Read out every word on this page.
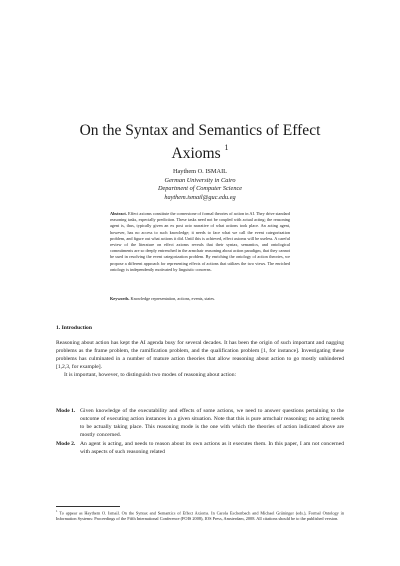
On the Syntax and Semantics of Effect
Axioms $^1$
Haythem O. ISMAIL
German University in Cairo
Department of Computer Science
haythem.ismail@guc.edu.eg
Abstract. Effect axioms constitute the cornerstone of formal theories of action in AI. They drive standard reasoning tasks, especially prediction. These tasks need not be coupled with actual acting; the reasoning agent is, thus, typically given an ex post acto narrative of what actions took place. An acting agent, however, has no access to such knowledge; it needs to face what we call the event categorization problem, and figure out what actions it did. Until this is achieved, effect axioms will be useless. A careful review of the literature on effect axioms reveals that their syntax, semantics, and ontological commitments are so deeply entrenched in the armchair reasoning about action paradigm, that they cannot be used in resolving the event categorization problem. By enriching the ontology of action theories, we propose a different approach for representing effects of actions that utilizes the two views. The enriched ontology is independently motivated by linguistic concerns.
Keywords. Knowledge representation, actions, events, states.
1. Introduction

Reasoning about action has kept the AI agenda busy for several decades. It has been the origin of such important and nagging problems as the frame problem, the ramification problem, and the qualification problem [1, for instance]. Investigating these problems has culminated in a number of mature action theories that allow reasoning about action to go mostly unhindered [1,2,3, for example].

It is important, however, to distinguish two modes of reasoning about action:

Mode 1. Given knowledge of the executability and effects of some actions, we need to answer questions pertaining to the outcome of executing action instances in a given situation. Note that this is pure armchair reasoning; no acting needs to be actually taking place. This reasoning mode is the one with which the theories of action indicated above are mostly concerned.
Mode 2. An agent is acting, and needs to reason about its own actions as it executes them. In this paper, I am not concerned with aspects of such reasoning related
$^1$ To appear as Haythem O. Ismail. On the Syntax and Semantics of Effect Axioms. In Carola Eschenbach and Michael Grüninger (eds.), Formal Ontology in Information Systems: Proceedings of the Fifth International Conference (FOIS 2008), IOS Press, Amsterdam, 2008. All citations should be to the published version.
